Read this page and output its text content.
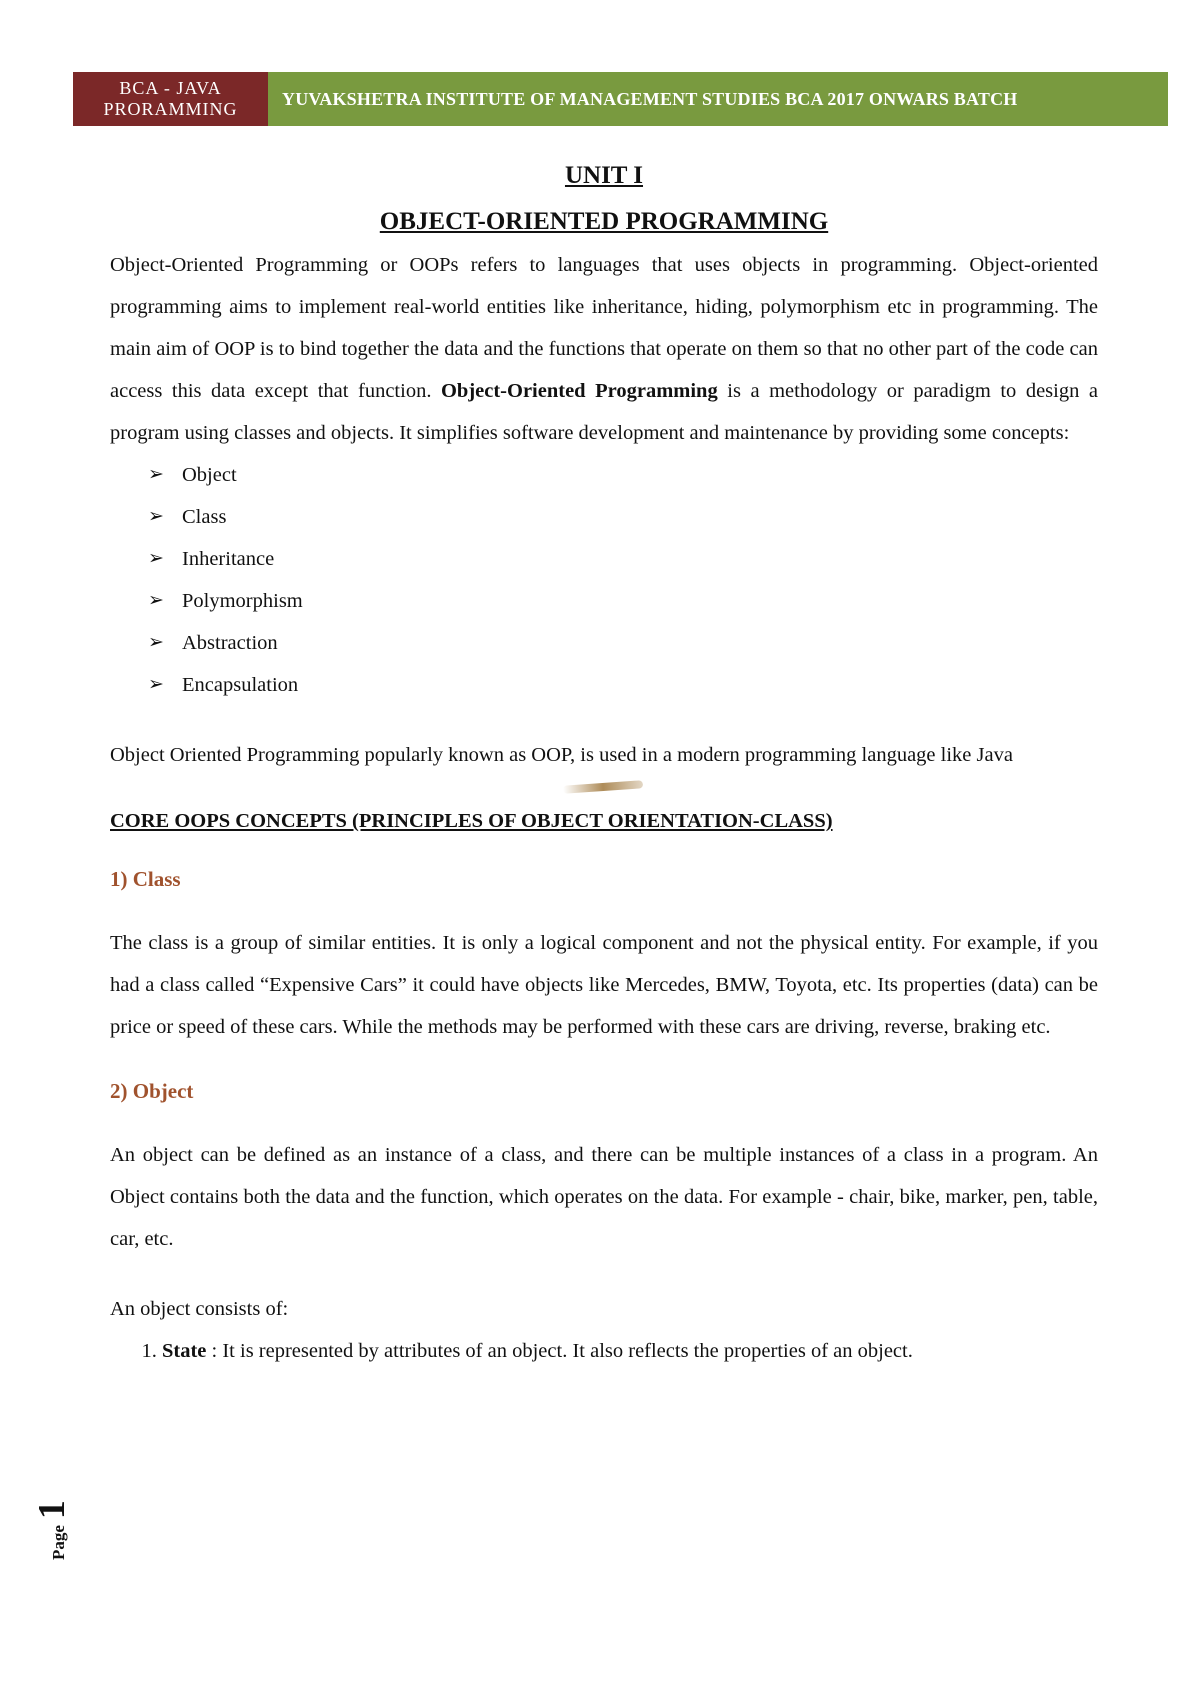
BCA - JAVA
PRORAMMING	YUVAKSHETRA INSTITUTE OF MANAGEMENT STUDIES BCA 2017 ONWARS BATCH
UNIT I
OBJECT-ORIENTED PROGRAMMING

Object-Oriented Programming or OOPs refers to languages that uses objects in programming. Object-oriented programming aims to implement real-world entities like inheritance, hiding, polymorphism etc in programming. The main aim of OOP is to bind together the data and the functions that operate on them so that no other part of the code can access this data except that function. Object-Oriented Programming is a methodology or paradigm to design a program using classes and objects. It simplifies software development and maintenance by providing some concepts:

➢ Object
➢ Class
➢ Inheritance
➢ Polymorphism
➢ Abstraction
➢ Encapsulation

Object Oriented Programming popularly known as OOP, is used in a modern programming language like Java

CORE OOPS CONCEPTS (PRINCIPLES OF OBJECT ORIENTATION-CLASS)

1) Class

The class is a group of similar entities. It is only a logical component and not the physical entity. For example, if you had a class called “Expensive Cars” it could have objects like Mercedes, BMW, Toyota, etc. Its properties (data) can be price or speed of these cars. While the methods may be performed with these cars are driving, reverse, braking etc.

2) Object

An object can be defined as an instance of a class, and there can be multiple instances of a class in a program. An Object contains both the data and the function, which operates on the data. For example - chair, bike, marker, pen, table, car, etc.

An object consists of:

1. State : It is represented by attributes of an object. It also reflects the properties of an object.
Page
1
